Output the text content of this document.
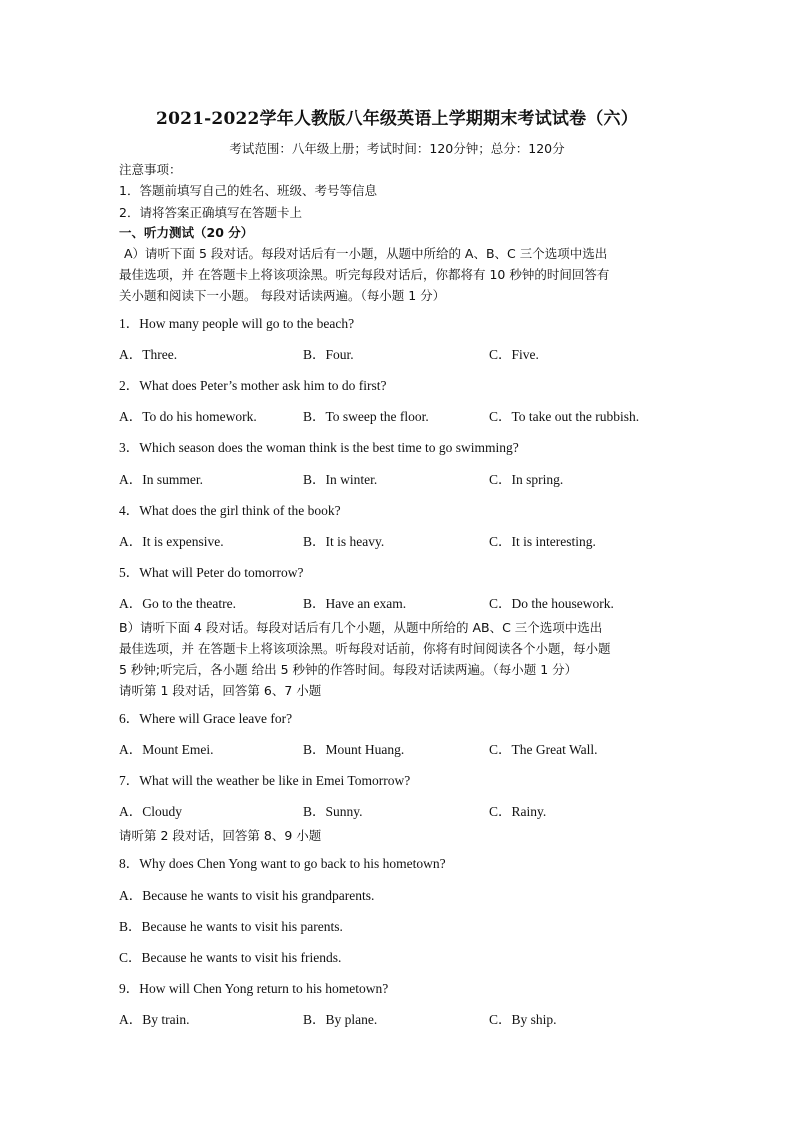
2021-2022学年人教版八年级英语上学期期末考试试卷（六）
考试范围：八年级上册；考试时间：120分钟；总分：120分
注意事项：
1．答题前填写自己的姓名、班级、考号等信息
2．请将答案正确填写在答题卡上
一、听力测试（20 分）
A）请听下面 5 段对话。每段对话后有一小题，从题中所给的 A、B、C 三个选项中选出
最佳选项，并 在答题卡上将该项涂黑。听完每段对话后，你都将有 10 秒钟的时间回答有
关小题和阅读下一小题。 每段对话读两遍。（每小题 1 分）
1．How many people will go to the beach?
A．Three.	B．Four.	C．Five.
2．What does Peter’s mother ask him to do first?
A．To do his homework.	B．To sweep the floor.	C．To take out the rubbish.
3．Which season does the woman think is the best time to go swimming?
A．In summer.	B．In winter.	C．In spring.
4．What does the girl think of the book?
A．It is expensive.	B．It is heavy.	C．It is interesting.
5．What will Peter do tomorrow?
A．Go to the theatre.	B．Have an exam.	C．Do the housework.
B）请听下面 4 段对话。每段对话后有几个小题，从题中所给的 AB、C 三个选项中选出
最佳选项，并 在答题卡上将该项涂黑。听每段对话前，你将有时间阅读各个小题，每小题
5 秒钟;听完后，各小题 给出 5 秒钟的作答时间。每段对话读两遍。（每小题 1 分）
请听第 1 段对话，回答第 6、7 小题
6．Where will Grace leave for?
A．Mount Emei.	B．Mount Huang.	C．The Great Wall.
7．What will the weather be like in Emei Tomorrow?
A．Cloudy	B．Sunny.	C．Rainy.
请听第 2 段对话，回答第 8、9 小题
8．Why does Chen Yong want to go back to his hometown?
A．Because he wants to visit his grandparents.
B．Because he wants to visit his parents.
C．Because he wants to visit his friends.
9．How will Chen Yong return to his hometown?
A．By train.	B．By plane.	C．By ship.
